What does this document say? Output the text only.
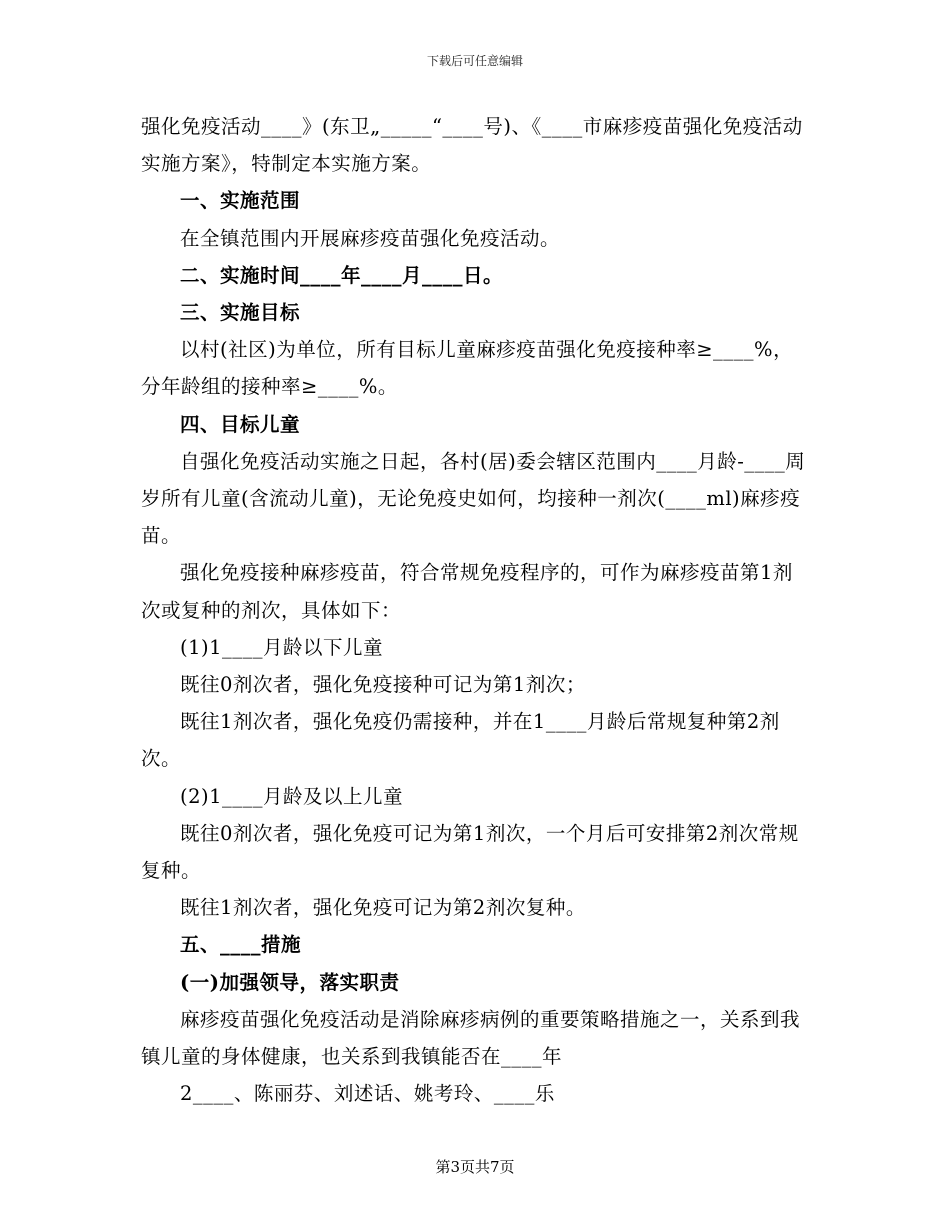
下载后可任意编辑

强化免疫活动____》(东卫„_____“____号)、《____市麻疹疫苗强化免疫活动实施方案》，特制定本实施方案。

一、实施范围

在全镇范围内开展麻疹疫苗强化免疫活动。

二、实施时间____年____月____日。

三、实施目标

以村(社区)为单位，所有目标儿童麻疹疫苗强化免疫接种率≥____%，分年龄组的接种率≥____%。

四、目标儿童

自强化免疫活动实施之日起，各村(居)委会辖区范围内____月龄-____周岁所有儿童(含流动儿童)，无论免疫史如何，均接种一剂次(____ml)麻疹疫苗。

强化免疫接种麻疹疫苗，符合常规免疫程序的，可作为麻疹疫苗第1剂次或复种的剂次，具体如下：

(1)1____月龄以下儿童

既往0剂次者，强化免疫接种可记为第1剂次；

既往1剂次者，强化免疫仍需接种，并在1____月龄后常规复种第2剂次。

(2)1____月龄及以上儿童

既往0剂次者，强化免疫可记为第1剂次，一个月后可安排第2剂次常规复种。

既往1剂次者，强化免疫可记为第2剂次复种。

五、____措施

(一)加强领导，落实职责

麻疹疫苗强化免疫活动是消除麻疹病例的重要策略措施之一，关系到我镇儿童的身体健康，也关系到我镇能否在____年

2____、陈丽芬、刘述话、姚考玲、____乐

第3页共7页
